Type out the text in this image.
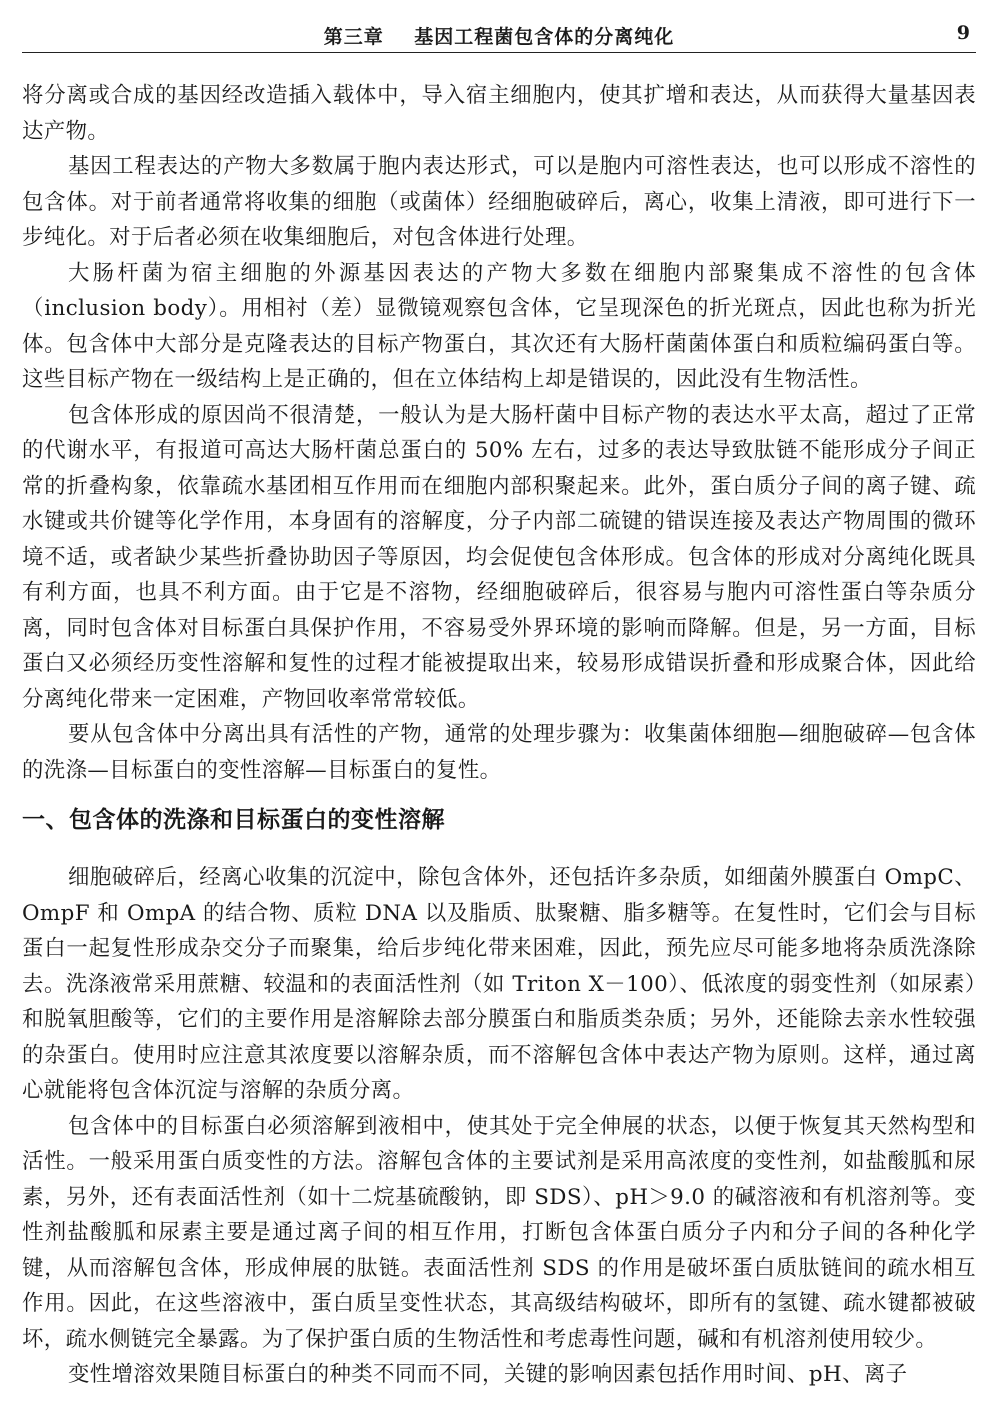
第三章    基因工程菌包含体的分离纯化	9

将分离或合成的基因经改造插入载体中，导入宿主细胞内，使其扩增和表达，从而获得大量基因表达产物。

基因工程表达的产物大多数属于胞内表达形式，可以是胞内可溶性表达，也可以形成不溶性的包含体。对于前者通常将收集的细胞（或菌体）经细胞破碎后，离心，收集上清液，即可进行下一步纯化。对于后者必须在收集细胞后，对包含体进行处理。

大肠杆菌为宿主细胞的外源基因表达的产物大多数在细胞内部聚集成不溶性的包含体（inclusion body）。用相衬（差）显微镜观察包含体，它呈现深色的折光斑点，因此也称为折光体。包含体中大部分是克隆表达的目标产物蛋白，其次还有大肠杆菌菌体蛋白和质粒编码蛋白等。这些目标产物在一级结构上是正确的，但在立体结构上却是错误的，因此没有生物活性。

包含体形成的原因尚不很清楚，一般认为是大肠杆菌中目标产物的表达水平太高，超过了正常的代谢水平，有报道可高达大肠杆菌总蛋白的 50% 左右，过多的表达导致肽链不能形成分子间正常的折叠构象，依靠疏水基团相互作用而在细胞内部积聚起来。此外，蛋白质分子间的离子键、疏水键或共价键等化学作用，本身固有的溶解度，分子内部二硫键的错误连接及表达产物周围的微环境不适，或者缺少某些折叠协助因子等原因，均会促使包含体形成。包含体的形成对分离纯化既具有利方面，也具不利方面。由于它是不溶物，经细胞破碎后，很容易与胞内可溶性蛋白等杂质分离，同时包含体对目标蛋白具保护作用，不容易受外界环境的影响而降解。但是，另一方面，目标蛋白又必须经历变性溶解和复性的过程才能被提取出来，较易形成错误折叠和形成聚合体，因此给分离纯化带来一定困难，产物回收率常常较低。

要从包含体中分离出具有活性的产物，通常的处理步骤为：收集菌体细胞—细胞破碎—包含体的洗涤—目标蛋白的变性溶解—目标蛋白的复性。

一、包含体的洗涤和目标蛋白的变性溶解

细胞破碎后，经离心收集的沉淀中，除包含体外，还包括许多杂质，如细菌外膜蛋白 OmpC、OmpF 和 OmpA 的结合物、质粒 DNA 以及脂质、肽聚糖、脂多糖等。在复性时，它们会与目标蛋白一起复性形成杂交分子而聚集，给后步纯化带来困难，因此，预先应尽可能多地将杂质洗涤除去。洗涤液常采用蔗糖、较温和的表面活性剂（如 Triton X－100）、低浓度的弱变性剂（如尿素）和脱氧胆酸等，它们的主要作用是溶解除去部分膜蛋白和脂质类杂质；另外，还能除去亲水性较强的杂蛋白。使用时应注意其浓度要以溶解杂质，而不溶解包含体中表达产物为原则。这样，通过离心就能将包含体沉淀与溶解的杂质分离。

包含体中的目标蛋白必须溶解到液相中，使其处于完全伸展的状态，以便于恢复其天然构型和活性。一般采用蛋白质变性的方法。溶解包含体的主要试剂是采用高浓度的变性剂，如盐酸胍和尿素，另外，还有表面活性剂（如十二烷基硫酸钠，即 SDS）、pH＞9.0 的碱溶液和有机溶剂等。变性剂盐酸胍和尿素主要是通过离子间的相互作用，打断包含体蛋白质分子内和分子间的各种化学键，从而溶解包含体，形成伸展的肽链。表面活性剂 SDS 的作用是破坏蛋白质肽链间的疏水相互作用。因此，在这些溶液中，蛋白质呈变性状态，其高级结构破坏，即所有的氢键、疏水键都被破坏，疏水侧链完全暴露。为了保护蛋白质的生物活性和考虑毒性问题，碱和有机溶剂使用较少。

变性增溶效果随目标蛋白的种类不同而不同，关键的影响因素包括作用时间、pH、离子
